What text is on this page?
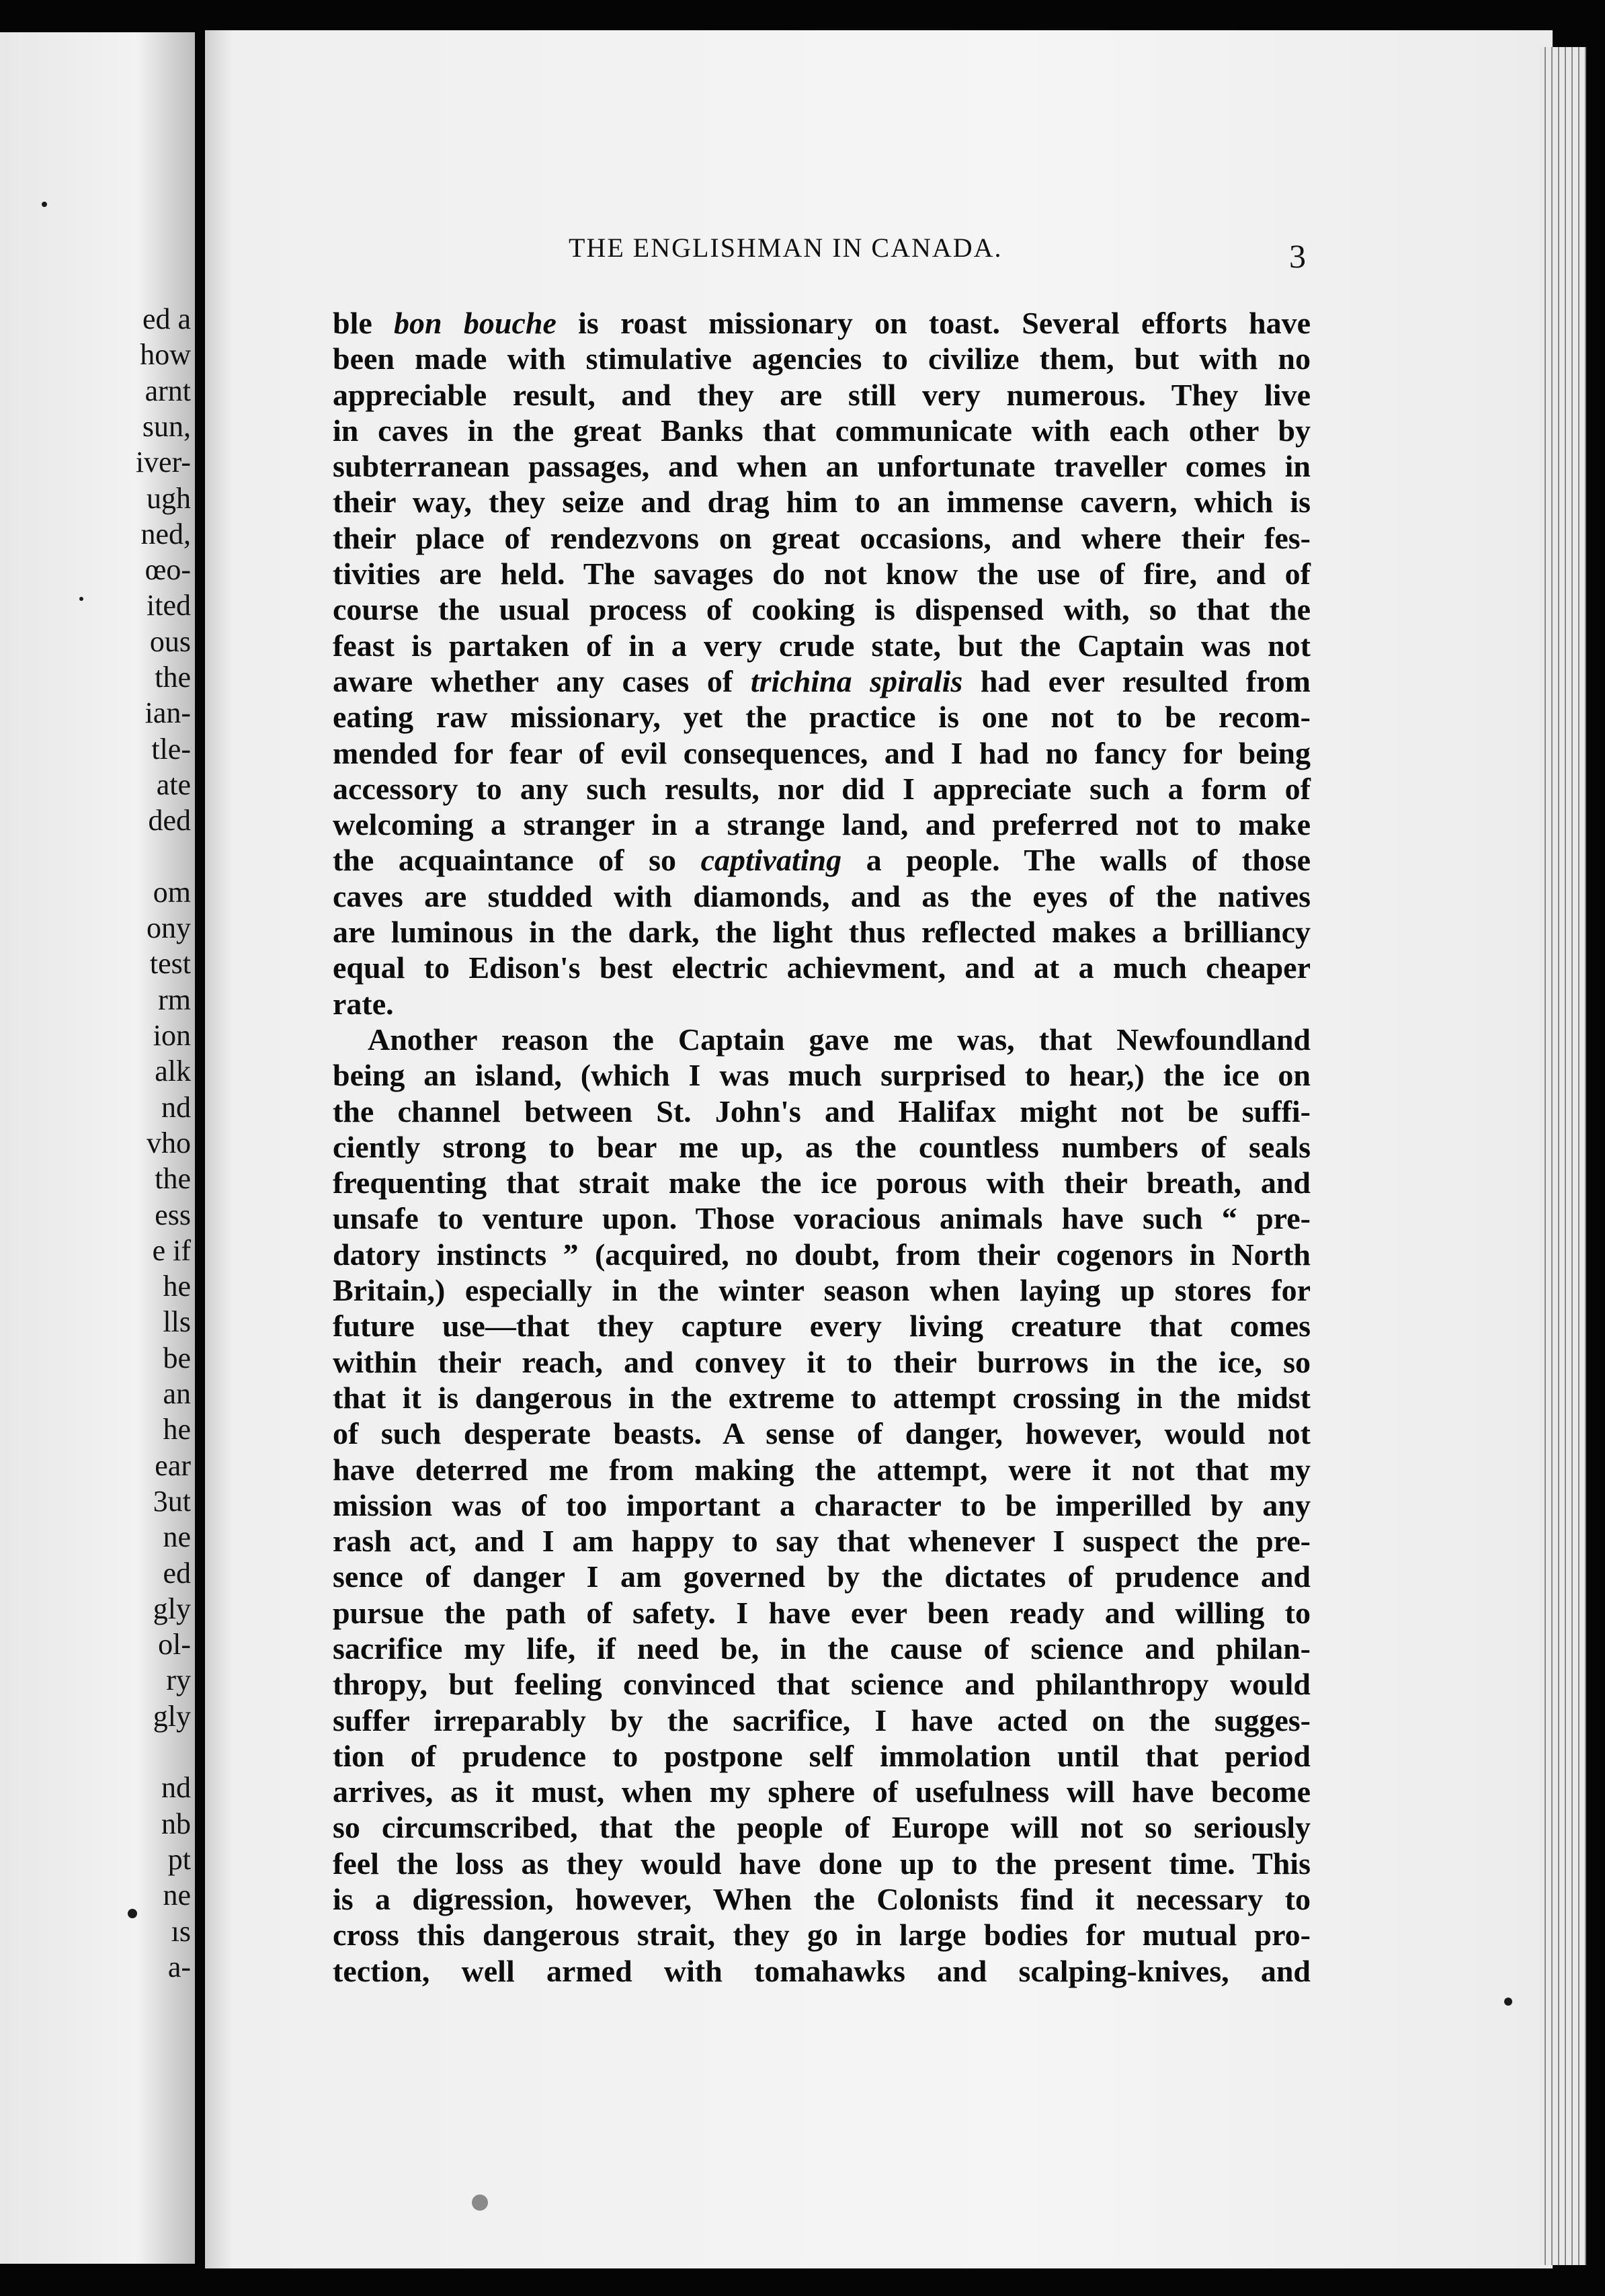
ed a
how
arnt
sun,
iver-
ugh
ned,
œo-
ited
ous
the
ian-
tle-
ate
ded
om
ony
test
rm
ion
alk
nd
vho
the
ess
e if
he
lls
be
an
he
ear
3ut
ne
ed
gly
ol-
ry
gly
nd
nb
pt
ne
ıs
a-
THE ENGLISHMAN IN CANADA.	3
ble bon bouche is roast missionary on toast. Several efforts have
been made with stimulative agencies to civilize them, but with no
appreciable result, and they are still very numerous. They live
in caves in the great Banks that communicate with each other by
subterranean passages, and when an unfortunate traveller comes in
their way, they seize and drag him to an immense cavern, which is
their place of rendezvons on great occasions, and where their fes-
tivities are held. The savages do not know the use of fire, and of
course the usual process of cooking is dispensed with, so that the
feast is partaken of in a very crude state, but the Captain was not
aware whether any cases of trichina spiralis had ever resulted from
eating raw missionary, yet the practice is one not to be recom-
mended for fear of evil consequences, and I had no fancy for being
accessory to any such results, nor did I appreciate such a form of
welcoming a stranger in a strange land, and preferred not to make
the acquaintance of so captivating a people. The walls of those
caves are studded with diamonds, and as the eyes of the natives
are luminous in the dark, the light thus reflected makes a brilliancy
equal to Edison's best electric achievment, and at a much cheaper
rate.
Another reason the Captain gave me was, that Newfoundland
being an island, (which I was much surprised to hear,) the ice on
the channel between St. John's and Halifax might not be suffi-
ciently strong to bear me up, as the countless numbers of seals
frequenting that strait make the ice porous with their breath, and
unsafe to venture upon. Those voracious animals have such “ pre-
datory instincts ” (acquired, no doubt, from their cogenors in North
Britain,) especially in the winter season when laying up stores for
future use—that they capture every living creature that comes
within their reach, and convey it to their burrows in the ice, so
that it is dangerous in the extreme to attempt crossing in the midst
of such desperate beasts. A sense of danger, however, would not
have deterred me from making the attempt, were it not that my
mission was of too important a character to be imperilled by any
rash act, and I am happy to say that whenever I suspect the pre-
sence of danger I am governed by the dictates of prudence and
pursue the path of safety. I have ever been ready and willing to
sacrifice my life, if need be, in the cause of science and philan-
thropy, but feeling convinced that science and philanthropy would
suffer irreparably by the sacrifice, I have acted on the sugges-
tion of prudence to postpone self immolation until that period
arrives, as it must, when my sphere of usefulness will have become
so circumscribed, that the people of Europe will not so seriously
feel the loss as they would have done up to the present time. This
is a digression, however, When the Colonists find it necessary to
cross this dangerous strait, they go in large bodies for mutual pro-
tection, well armed with tomahawks and scalping-knives, and
